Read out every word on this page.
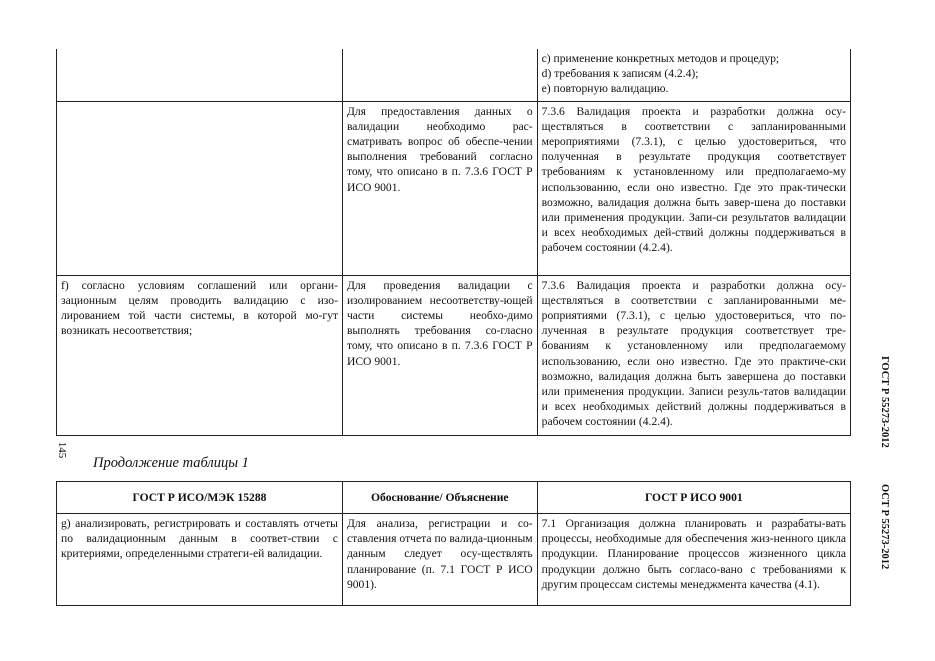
		c) применение конкретных методов и процедур;
d) требования к записям (4.2.4);
e) повторную валидацию.

	Для предоставления данных о валидации необходимо рас-сматривать вопрос об обеспе-чении выполнения требований согласно тому, что описано в п. 7.3.6 ГОСТ Р ИСО 9001.	7.3.6 Валидация проекта и разработки должна осу-ществляться в соответствии с запланированными мероприятиями (7.3.1), с целью удостовериться, что полученная в результате продукция соответствует требованиям к установленному или предполагаемо-му использованию, если оно известно. Где это прак-тически возможно, валидация должна быть завер-шена до поставки или применения продукции. Запи-си результатов валидации и всех необходимых дей-ствий должны поддерживаться в рабочем состоянии (4.2.4).
f) согласно условиям соглашений или органи-зационным целям проводить валидацию с изо-лированием той части системы, в которой мо-гут возникать несоответствия;	Для проведения валидации с изолированием несоответству-ющей части системы необхо-димо выполнять требования со-гласно тому, что описано в п. 7.3.6 ГОСТ Р ИСО 9001.	7.3.6 Валидация проекта и разработки должна осу-ществляться в соответствии с запланированными ме-роприятиями (7.3.1), с целью удостовериться, что по-лученная в результате продукция соответствует тре-бованиям к установленному или предполагаемому использованию, если оно известно. Где это практиче-ски возможно, валидация должна быть завершена до поставки или применения продукции. Записи резуль-татов валидации и всех необходимых действий должны поддерживаться в рабочем состоянии (4.2.4).
145
Продолжение таблицы 1
ГОСТ Р 55273-2012
ОСТ Р 55273-2012
ГОСТ Р ИСО/МЭК 15288	Обоснование/ Объяснение	ГОСТ Р ИСО 9001
g) анализировать, регистрировать и составлять отчеты по валидационным данным в соответ-ствии с критериями, определенными стратеги-ей валидации.	Для анализа, регистрации и со-ставления отчета по валида-ционным данным следует осу-ществлять планирование (п. 7.1 ГОСТ Р ИСО 9001).	7.1 Организация должна планировать и разрабаты-вать процессы, необходимые для обеспечения жиз-ненного цикла продукции. Планирование процессов жизненного цикла продукции должно быть согласо-вано с требованиями к другим процессам системы менеджмента качества (4.1).
